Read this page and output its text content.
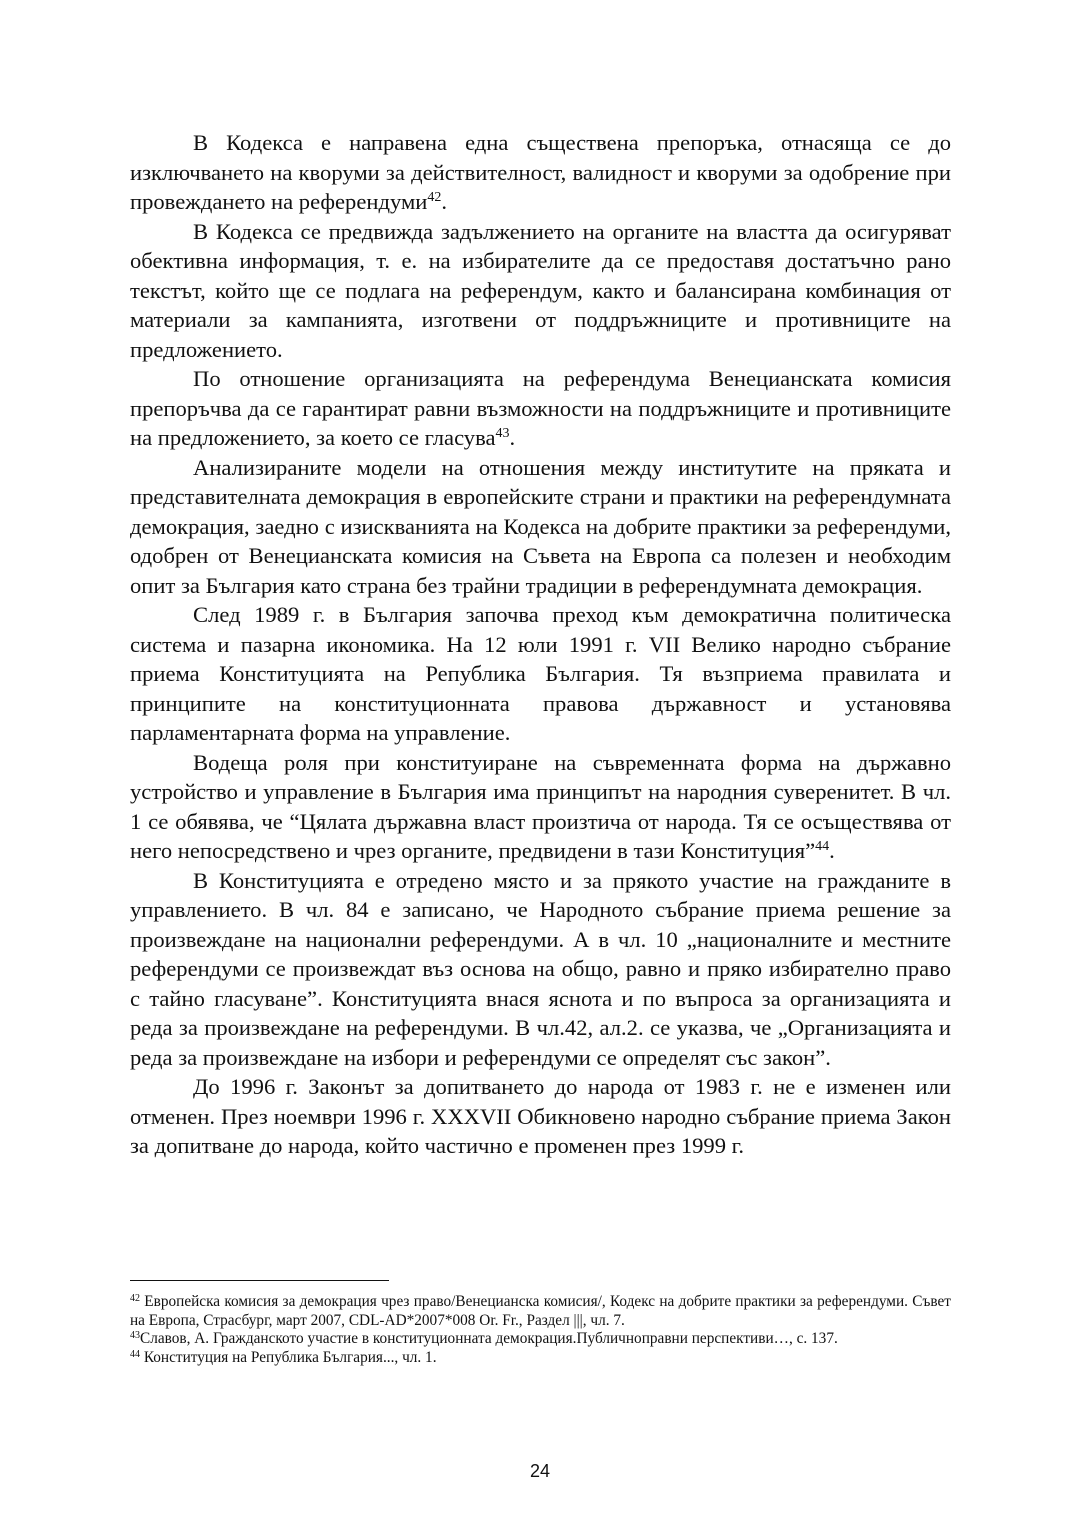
В Кодекса е направена една съществена препоръка, отнасяща се до изключването на кворуми за действителност, валидност и кворуми за одобрение при провеждането на референдуми$^{42}$.

В Кодекса се предвижда задължението на органите на властта да осигуряват обективна информация, т. е. на избирателите да се предоставя достатъчно рано текстът, който ще се подлага на референдум, както и балансирана комбинация от материали за кампанията, изготвени от поддръжниците и противниците на предложението.

По отношение организацията на референдума Венецианската комисия препоръчва да се гарантират равни възможности на поддръжниците и противниците на предложението, за което се гласува$^{43}$.

Анализираните модели на отношения между институтите на пряката и представителната демокрация в европейските страни и практики на референдумната демокрация, заедно с изискванията на Кодекса на добрите практики за референдуми, одобрен от Венецианската комисия на Съвета на Европа са полезен и необходим опит за България като страна без трайни традиции в референдумната демокрация.

След 1989 г. в България започва преход към демократична политическа система и пазарна икономика. На 12 юли 1991 г. VII Велико народно събрание приема Конституцията на Република България. Тя възприема правилата и принципите на конституционната правова държавност и установява парламентарната форма на управление.

Водеща роля при конституиране на съвременната форма на държавно устройство и управление в България има принципът на народния суверенитет. В чл. 1 се обявява, че “Цялата държавна власт произтича от народа. Тя се осъществява от него непосредствено и чрез органите, предвидени в тази Конституция”$^{44}$.

В Конституцията е отредено място и за прякото участие на гражданите в управлението. В чл. 84 е записано, че Народното събрание приема решение за произвеждане на национални референдуми. А в чл. 10 „националните и местните референдуми се произвеждат въз основа на общо, равно и пряко избирателно право с тайно гласуване”. Конституцията внася яснота и по въпроса за организацията и реда за произвеждане на референдуми. В чл.42, ал.2. се указва, че „Организацията и реда за произвеждане на избори и референдуми се определят със закон”.

До 1996 г. Законът за допитването до народа от 1983 г. не е изменен или отменен. През ноември 1996 г. XXXVII Обикновено народно събрание приема Закон за допитване до народа, който частично е променен през 1999 г.

$^{42}$ Европейска комисия за демокрация чрез право/Венецианска комисия/, Кодекс на добрите практики за референдуми. Съвет на Европа, Страсбург, март 2007, CDL-AD*2007*008 Or. Fr., Раздел |||, чл. 7.

$^{43}$Славов, А. Гражданското участие в конституционната демокрация.Публичноправни перспективи…, с. 137.

$^{44}$ Конституция на Република България..., чл. 1.

24
